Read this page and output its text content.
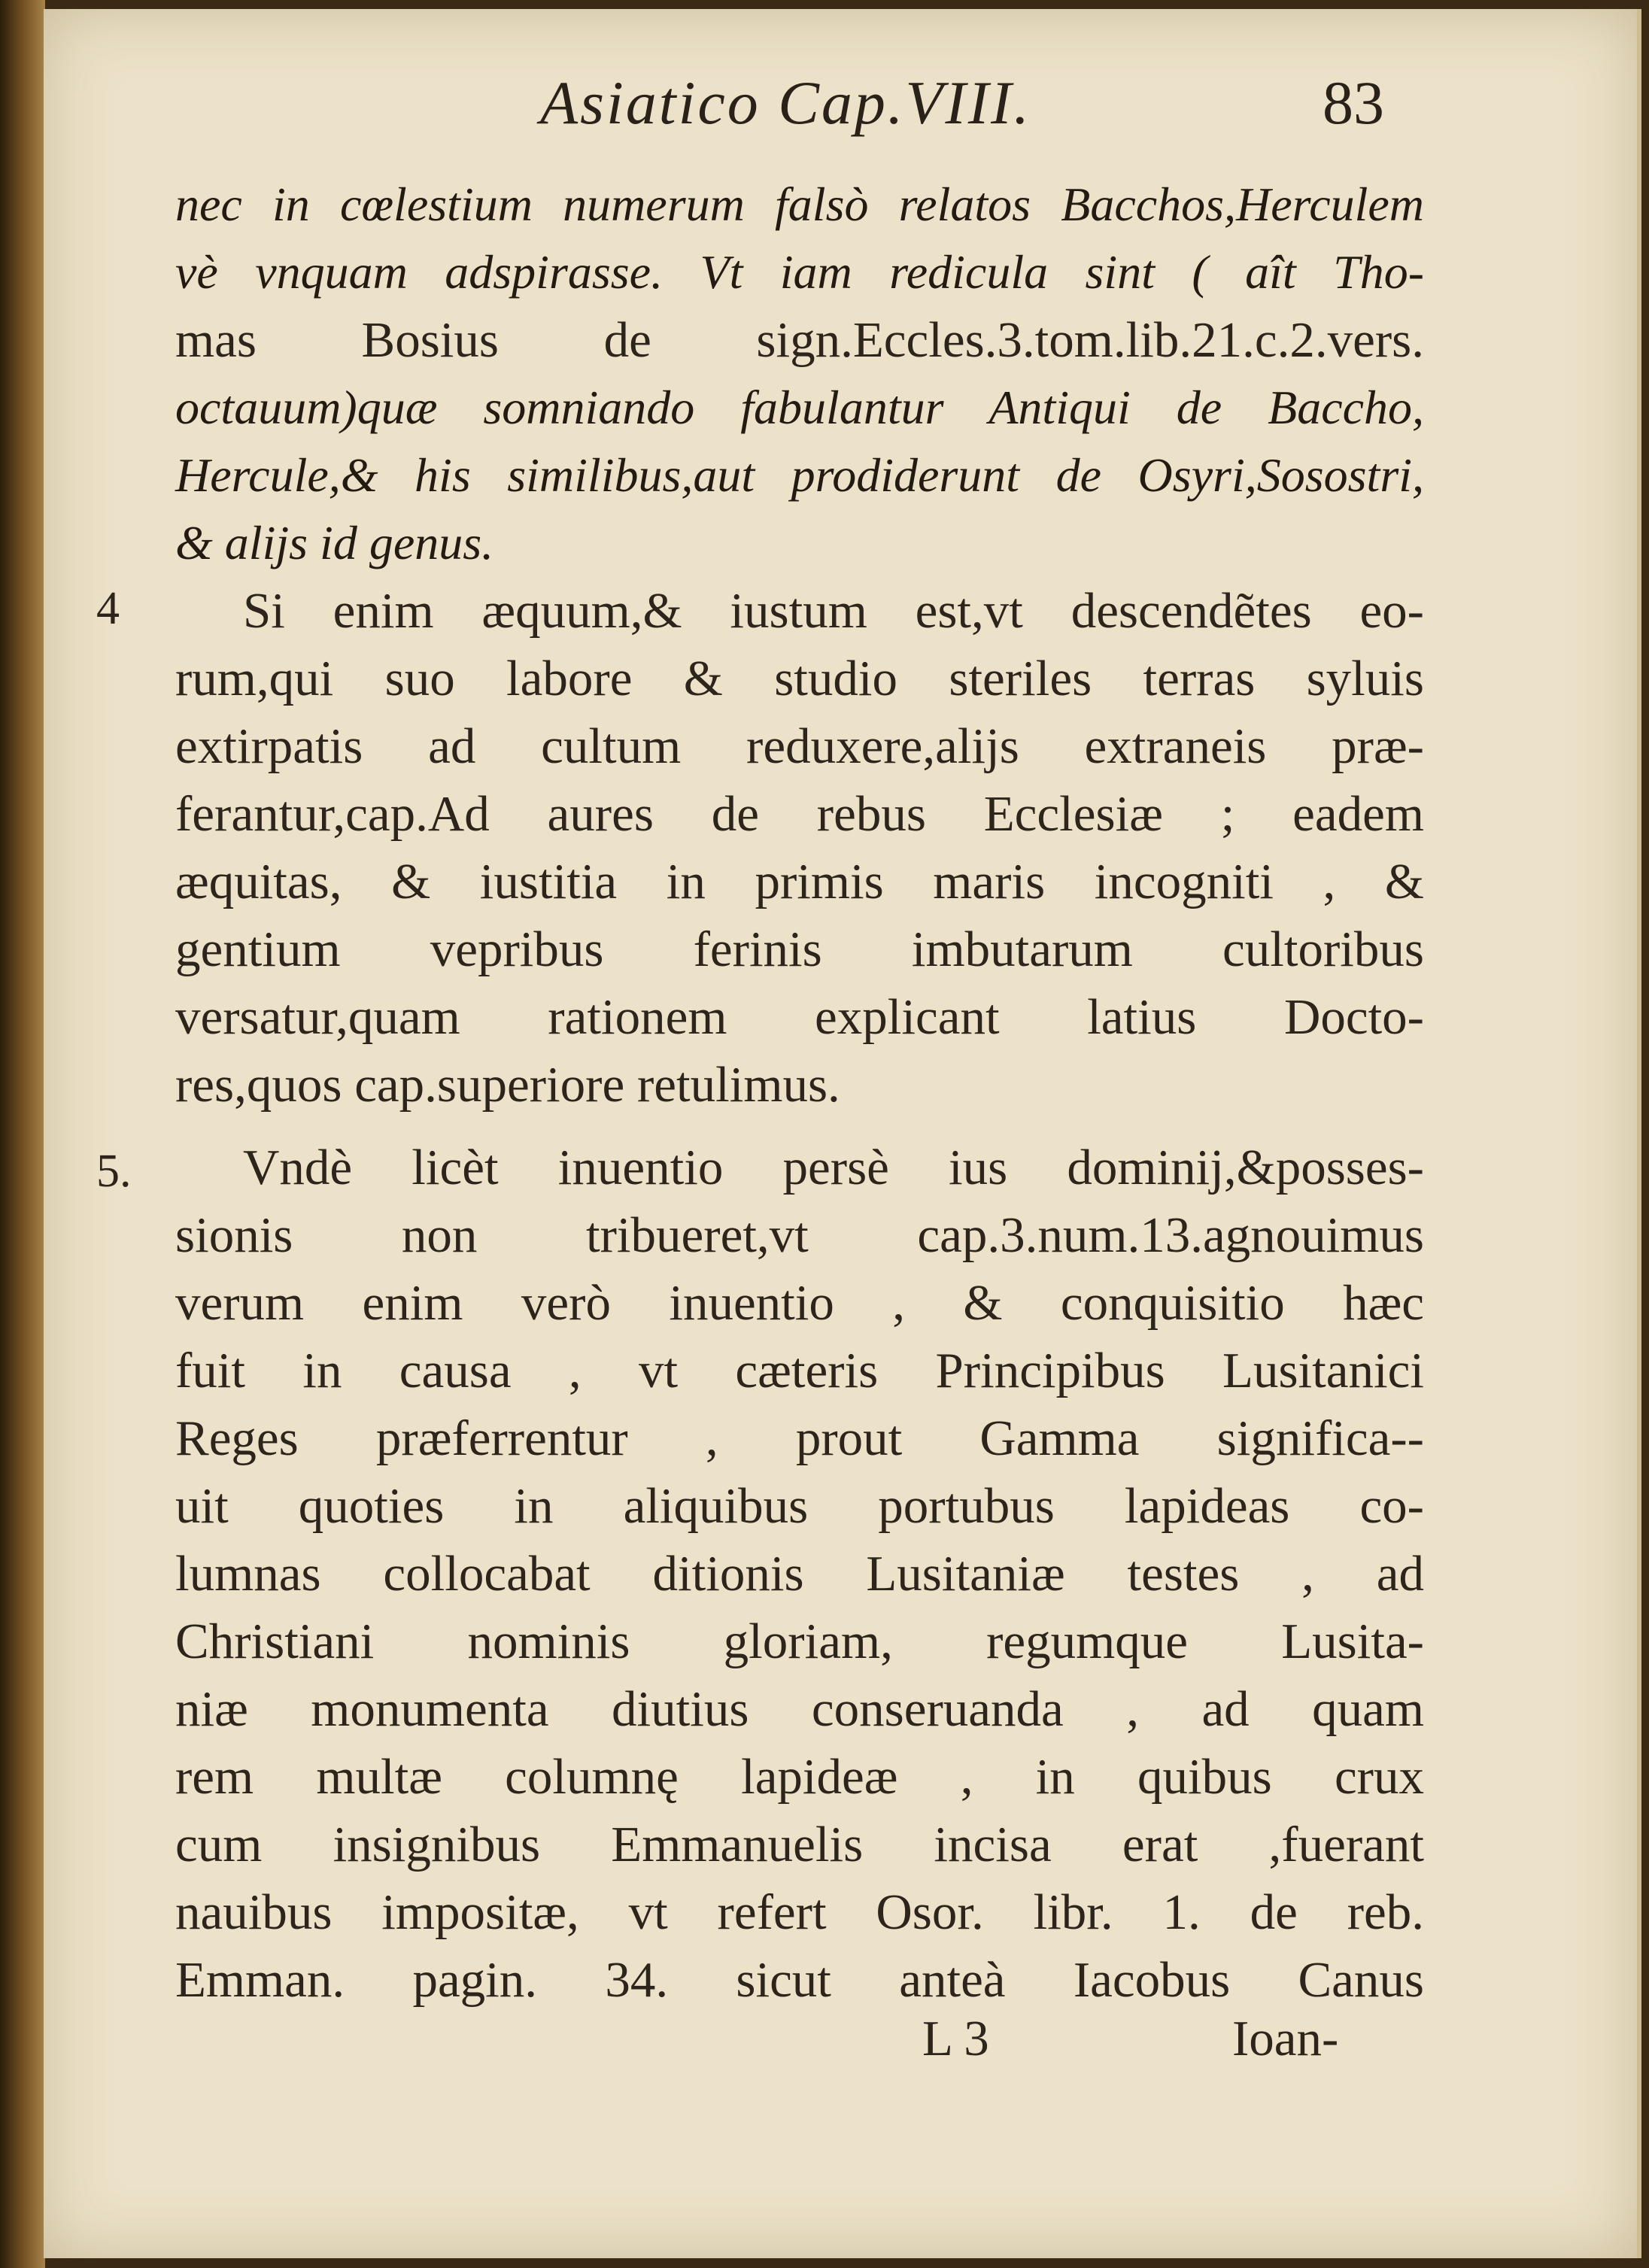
Asiatico Cap.VIII.	83
nec in cœlestium numerum falsò relatos Bacchos,Herculem
vè vnquam adspirasse. Vt iam redicula sint ( aît Tho-
mas Bosius de sign.Eccles.3.tom.lib.21.c.2.vers.
octauum)quæ somniando fabulantur Antiqui de Baccho,
Hercule,& his similibus,aut prodiderunt de Osyri,Sosostri,
& alijs id genus.
4 Si enim æquum,& iustum est,vt descendẽtes eo-
rum,qui suo labore & studio steriles terras syluis
extirpatis ad cultum reduxere,alijs extraneis præ-
ferantur,cap.Ad aures de rebus Ecclesiæ ; eadem
æquitas, & iustitia in primis maris incogniti , &
gentium vepribus ferinis imbutarum cultoribus
versatur,quam rationem explicant latius Docto-
res,quos cap.superiore retulimus.
5. Vndè licèt inuentio persè ius dominij,&posses-
sionis non tribueret,vt cap.3.num.13.agnouimus
verum enim verò inuentio , & conquisitio hæc
fuit in causa , vt cæteris Principibus Lusitanici
Reges præferrentur , prout Gamma significa--
uit quoties in aliquibus portubus lapideas co-
lumnas collocabat ditionis Lusitaniæ testes , ad
Christiani nominis gloriam, regumque Lusita-
niæ monumenta diutius conseruanda , ad quam
rem multæ columnę lapideæ , in quibus crux
cum insignibus Emmanuelis incisa erat ,fuerant
nauibus impositæ, vt refert Osor. libr. 1. de reb.
Emman. pagin. 34. sicut anteà Iacobus Canus
L 3	Ioan-
